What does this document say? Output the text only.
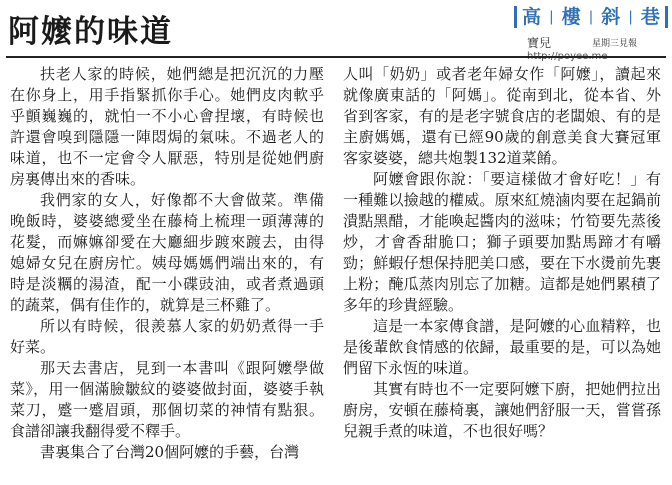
阿嬤的味道	高 | 樓 | 斜 | 巷
寶兒
http://poyee.me
星期三見報

扶老人家的時候，她們總是把沉沉的力壓在你身上，用手指緊抓你手心。她們皮肉軟乎乎顫巍巍的，就怕一不小心會捏壞，有時候也許還會嗅到隱隱一陣悶焗的氣味。不過老人的味道，也不一定會令人厭惡，特別是從她們廚房裏傳出來的香味。

我們家的女人，好像都不大會做菜。準備晚飯時，婆婆總愛坐在藤椅上梳理一頭薄薄的花髮，而嫲嫲卻愛在大廳細步踱來踱去，由得媳婦女兒在廚房忙。姨母媽媽們端出來的，有時是淡糲的湯渣，配一小碟豉油，或者煮過頭的蔬菜，偶有佳作的，就算是三杯雞了。

所以有時候，很羨慕人家的奶奶煮得一手好菜。

那天去書店，見到一本書叫《跟阿嬤學做菜》，用一個滿臉皺紋的婆婆做封面，婆婆手執菜刀，蹙一蹙眉頭，那個切菜的神情有點狠。食譜卻讓我翻得愛不釋手。

書裏集合了台灣20個阿嬤的手藝，台灣

人叫「奶奶」或者老年婦女作「阿嬤」，讀起來就像廣東話的「阿媽」。從南到北，從本省、外省到客家，有的是老字號食店的老闆娘、有的是主廚媽媽，還有已經90歲的創意美食大賽冠軍客家婆婆，總共炮製132道菜餚。

阿嬤會跟你說：「要這樣做才會好吃！」有一種難以撿越的權威。原來紅燒滷肉要在起鍋前潰點黑醋，才能喚起醬肉的滋味；竹筍要先蒸後炒，才會香甜脆口；獅子頭要加點馬蹄才有嚼勁；鮮蝦仔想保持肥美口感，要在下水燙前先裹上粉；醃瓜蒸肉別忘了加糖。這都是她們累積了多年的珍貴經驗。

這是一本家傳食譜，是阿嬤的心血精粹，也是後輩飲食情感的依歸，最重要的是，可以為她們留下永恆的味道。

其實有時也不一定要阿嬤下廚，把她們拉出廚房，安頓在藤椅裏，讓她們舒服一天，嘗嘗孫兒親手煮的味道，不也很好嗎？
